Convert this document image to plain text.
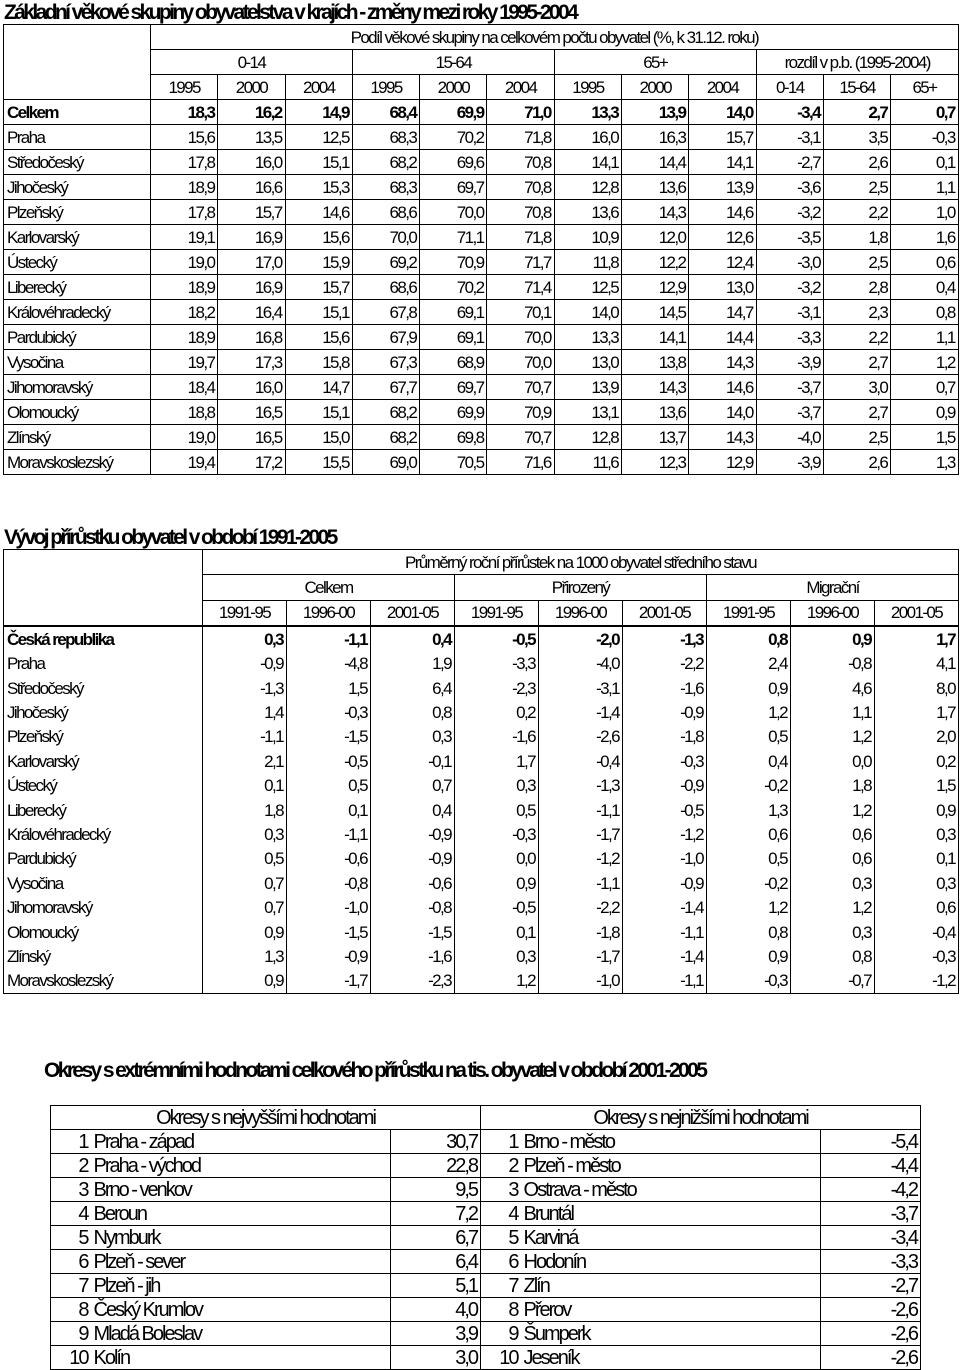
Základní věkové skupiny obyvatelstva v krajích - změny mezi roky 1995-2004
	Podíl věkové skupiny na celkovém počtu obyvatel (%, k 31.12. roku)											
	0-14			15-64			65+			rozdíl v p.b. (1995-2004)		
	1995	2000	2004	1995	2000	2004	1995	2000	2004	0-14	15-64	65+
Celkem	18,3	16,2	14,9	68,4	69,9	71,0	13,3	13,9	14,0	-3,4	2,7	0,7
Praha	15,6	13,5	12,5	68,3	70,2	71,8	16,0	16,3	15,7	-3,1	3,5	-0,3
Středočeský	17,8	16,0	15,1	68,2	69,6	70,8	14,1	14,4	14,1	-2,7	2,6	0,1
Jihočeský	18,9	16,6	15,3	68,3	69,7	70,8	12,8	13,6	13,9	-3,6	2,5	1,1
Plzeňský	17,8	15,7	14,6	68,6	70,0	70,8	13,6	14,3	14,6	-3,2	2,2	1,0
Karlovarský	19,1	16,9	15,6	70,0	71,1	71,8	10,9	12,0	12,6	-3,5	1,8	1,6
Ústecký	19,0	17,0	15,9	69,2	70,9	71,7	11,8	12,2	12,4	-3,0	2,5	0,6
Liberecký	18,9	16,9	15,7	68,6	70,2	71,4	12,5	12,9	13,0	-3,2	2,8	0,4
Královéhradecký	18,2	16,4	15,1	67,8	69,1	70,1	14,0	14,5	14,7	-3,1	2,3	0,8
Pardubický	18,9	16,8	15,6	67,9	69,1	70,0	13,3	14,1	14,4	-3,3	2,2	1,1
Vysočina	19,7	17,3	15,8	67,3	68,9	70,0	13,0	13,8	14,3	-3,9	2,7	1,2
Jihomoravský	18,4	16,0	14,7	67,7	69,7	70,7	13,9	14,3	14,6	-3,7	3,0	0,7
Olomoucký	18,8	16,5	15,1	68,2	69,9	70,9	13,1	13,6	14,0	-3,7	2,7	0,9
Zlínský	19,0	16,5	15,0	68,2	69,8	70,7	12,8	13,7	14,3	-4,0	2,5	1,5
Moravskoslezský	19,4	17,2	15,5	69,0	70,5	71,6	11,6	12,3	12,9	-3,9	2,6	1,3
Vývoj přírůstku obyvatel v období 1991-2005
	Průměrný roční přírůstek na 1000 obyvatel středního stavu								
	Celkem			Přirozený			Migrační		
	1991-95	1996-00	2001-05	1991-95	1996-00	2001-05	1991-95	1996-00	2001-05
Česká republika	0,3	-1,1	0,4	-0,5	-2,0	-1,3	0,8	0,9	1,7
Praha	-0,9	-4,8	1,9	-3,3	-4,0	-2,2	2,4	-0,8	4,1
Středočeský	-1,3	1,5	6,4	-2,3	-3,1	-1,6	0,9	4,6	8,0
Jihočeský	1,4	-0,3	0,8	0,2	-1,4	-0,9	1,2	1,1	1,7
Plzeňský	-1,1	-1,5	0,3	-1,6	-2,6	-1,8	0,5	1,2	2,0
Karlovarský	2,1	-0,5	-0,1	1,7	-0,4	-0,3	0,4	0,0	0,2
Ústecký	0,1	0,5	0,7	0,3	-1,3	-0,9	-0,2	1,8	1,5
Liberecký	1,8	0,1	0,4	0,5	-1,1	-0,5	1,3	1,2	0,9
Královéhradecký	0,3	-1,1	-0,9	-0,3	-1,7	-1,2	0,6	0,6	0,3
Pardubický	0,5	-0,6	-0,9	0,0	-1,2	-1,0	0,5	0,6	0,1
Vysočina	0,7	-0,8	-0,6	0,9	-1,1	-0,9	-0,2	0,3	0,3
Jihomoravský	0,7	-1,0	-0,8	-0,5	-2,2	-1,4	1,2	1,2	0,6
Olomoucký	0,9	-1,5	-1,5	0,1	-1,8	-1,1	0,8	0,3	-0,4
Zlínský	1,3	-0,9	-1,6	0,3	-1,7	-1,4	0,9	0,8	-0,3
Moravskoslezský	0,9	-1,7	-2,3	1,2	-1,0	-1,1	-0,3	-0,7	-1,2
Okresy s extrémními hodnotami celkového přírůstku na tis. obyvatel v období 2001-2005
Okresy s nejvyššími hodnotami			Okresy s nejnižšími hodnotami		
1	Praha - západ	30,7	1	Brno - město	-5,4
2	Praha - východ	22,8	2	Plzeň - město	-4,4
3	Brno - venkov	9,5	3	Ostrava - město	-4,2
4	Beroun	7,2	4	Bruntál	-3,7
5	Nymburk	6,7	5	Karviná	-3,4
6	Plzeň - sever	6,4	6	Hodonín	-3,3
7	Plzeň - jih	5,1	7	Zlín	-2,7
8	Český Krumlov	4,0	8	Přerov	-2,6
9	Mladá Boleslav	3,9	9	Šumperk	-2,6
10	Kolín	3,0	10	Jeseník	-2,6
